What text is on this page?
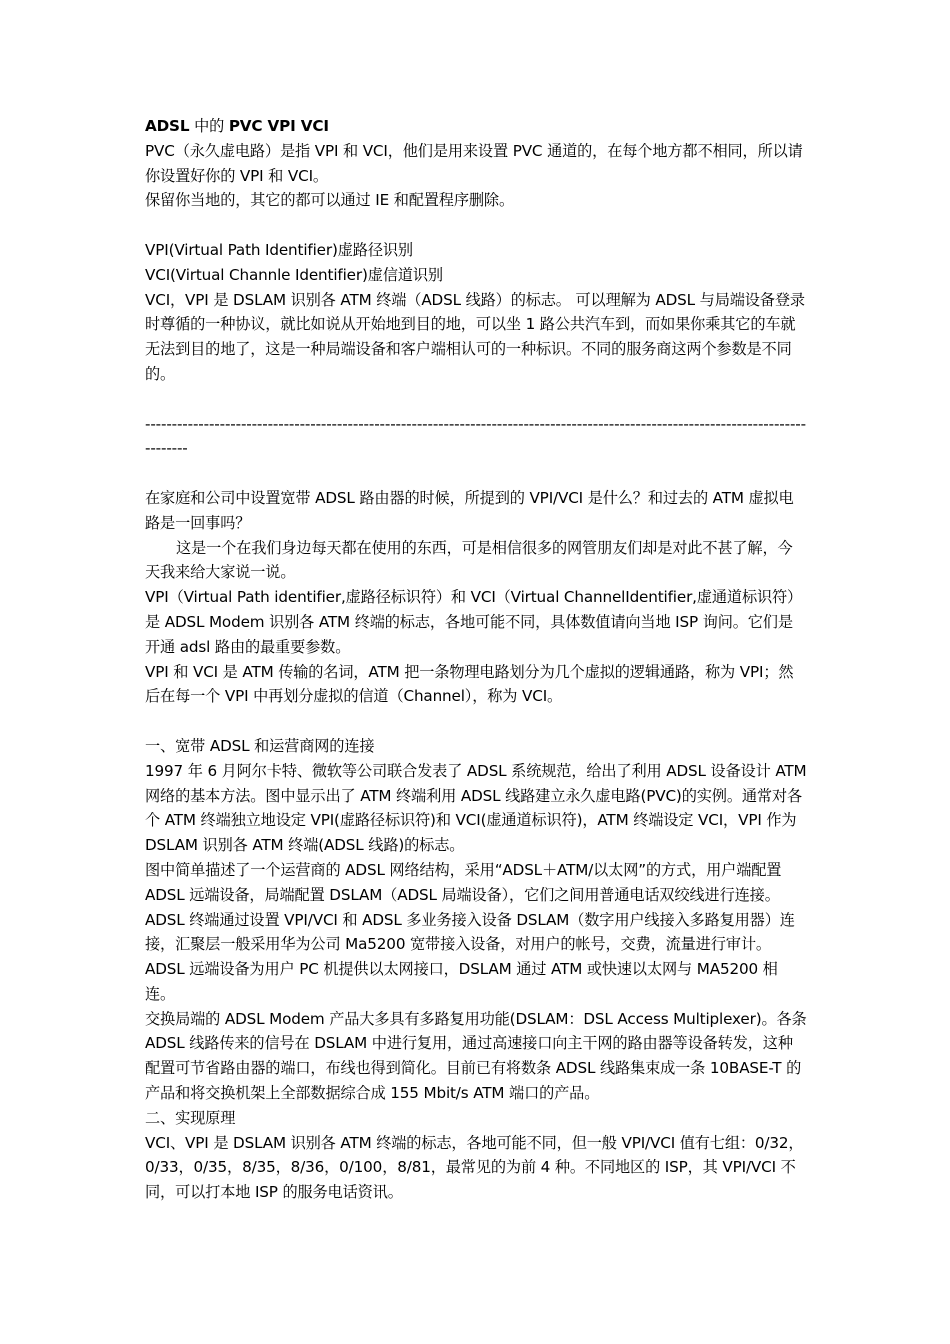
ADSL 中的 PVC VPI VCI

PVC（永久虚电路）是指 VPI 和 VCI，他们是用来设置 PVC 通道的，在每个地方都不相同，所以请你设置好你的 VPI 和 VCI。

保留你当地的，其它的都可以通过 IE 和配置程序删除。

VPI(Virtual Path Identifier)虚路径识别

VCI(Virtual Channle Identifier)虚信道识别

VCI，VPI 是 DSLAM 识别各 ATM 终端（ADSL 线路）的标志。 可以理解为 ADSL 与局端设备登录时尊循的一种协议，就比如说从开始地到目的地，可以坐 1 路公共汽车到，而如果你乘其它的车就无法到目的地了，这是一种局端设备和客户端相认可的一种标识。不同的服务商这两个参数是不同的。

------------------------------------------------------------------------------------------------------------------------------------

在家庭和公司中设置宽带 ADSL 路由器的时候，所提到的 VPI/VCI 是什么？和过去的 ATM 虚拟电路是一回事吗？

这是一个在我们身边每天都在使用的东西，可是相信很多的网管朋友们却是对此不甚了解，今天我来给大家说一说。

VPI（Virtual Path identifier,虚路径标识符）和 VCI（Virtual ChannelIdentifier,虚通道标识符）是 ADSL Modem 识别各 ATM 终端的标志，各地可能不同，具体数值请向当地 ISP 询问。它们是开通 adsl 路由的最重要参数。

VPI 和 VCI 是 ATM 传输的名词，ATM 把一条物理电路划分为几个虚拟的逻辑通路，称为 VPI；然后在每一个 VPI 中再划分虚拟的信道（Channel），称为 VCI。

一、宽带 ADSL 和运营商网的连接

1997 年 6 月阿尔卡特、微软等公司联合发表了 ADSL 系统规范，给出了利用 ADSL 设备设计 ATM 网络的基本方法。图中显示出了 ATM 终端利用 ADSL 线路建立永久虚电路(PVC)的实例。通常对各个 ATM 终端独立地设定 VPI(虚路径标识符)和 VCI(虚通道标识符)，ATM 终端设定 VCI，VPI 作为 DSLAM 识别各 ATM 终端(ADSL 线路)的标志。

图中简单描述了一个运营商的 ADSL 网络结构，采用“ADSL＋ATM/以太网”的方式，用户端配置 ADSL 远端设备，局端配置 DSLAM（ADSL 局端设备），它们之间用普通电话双绞线进行连接。ADSL 终端通过设置 VPI/VCI 和 ADSL 多业务接入设备 DSLAM（数字用户线接入多路复用器）连接，汇聚层一般采用华为公司 Ma5200 宽带接入设备，对用户的帐号，交费，流量进行审计。

ADSL 远端设备为用户 PC 机提供以太网接口，DSLAM 通过 ATM 或快速以太网与 MA5200 相连。

交换局端的 ADSL Modem 产品大多具有多路复用功能(DSLAM：DSL Access Multiplexer)。各条 ADSL 线路传来的信号在 DSLAM 中进行复用，通过高速接口向主干网的路由器等设备转发，这种配置可节省路由器的端口，布线也得到简化。目前已有将数条 ADSL 线路集束成一条 10BASE-T 的产品和将交换机架上全部数据综合成 155 Mbit/s ATM 端口的产品。

二、实现原理

VCI、VPI 是 DSLAM 识别各 ATM 终端的标志，各地可能不同，但一般 VPI/VCI 值有七组：0/32，0/33，0/35，8/35，8/36，0/100，8/81，最常见的为前 4 种。不同地区的 ISP，其 VPI/VCI 不同，可以打本地 ISP 的服务电话资讯。
